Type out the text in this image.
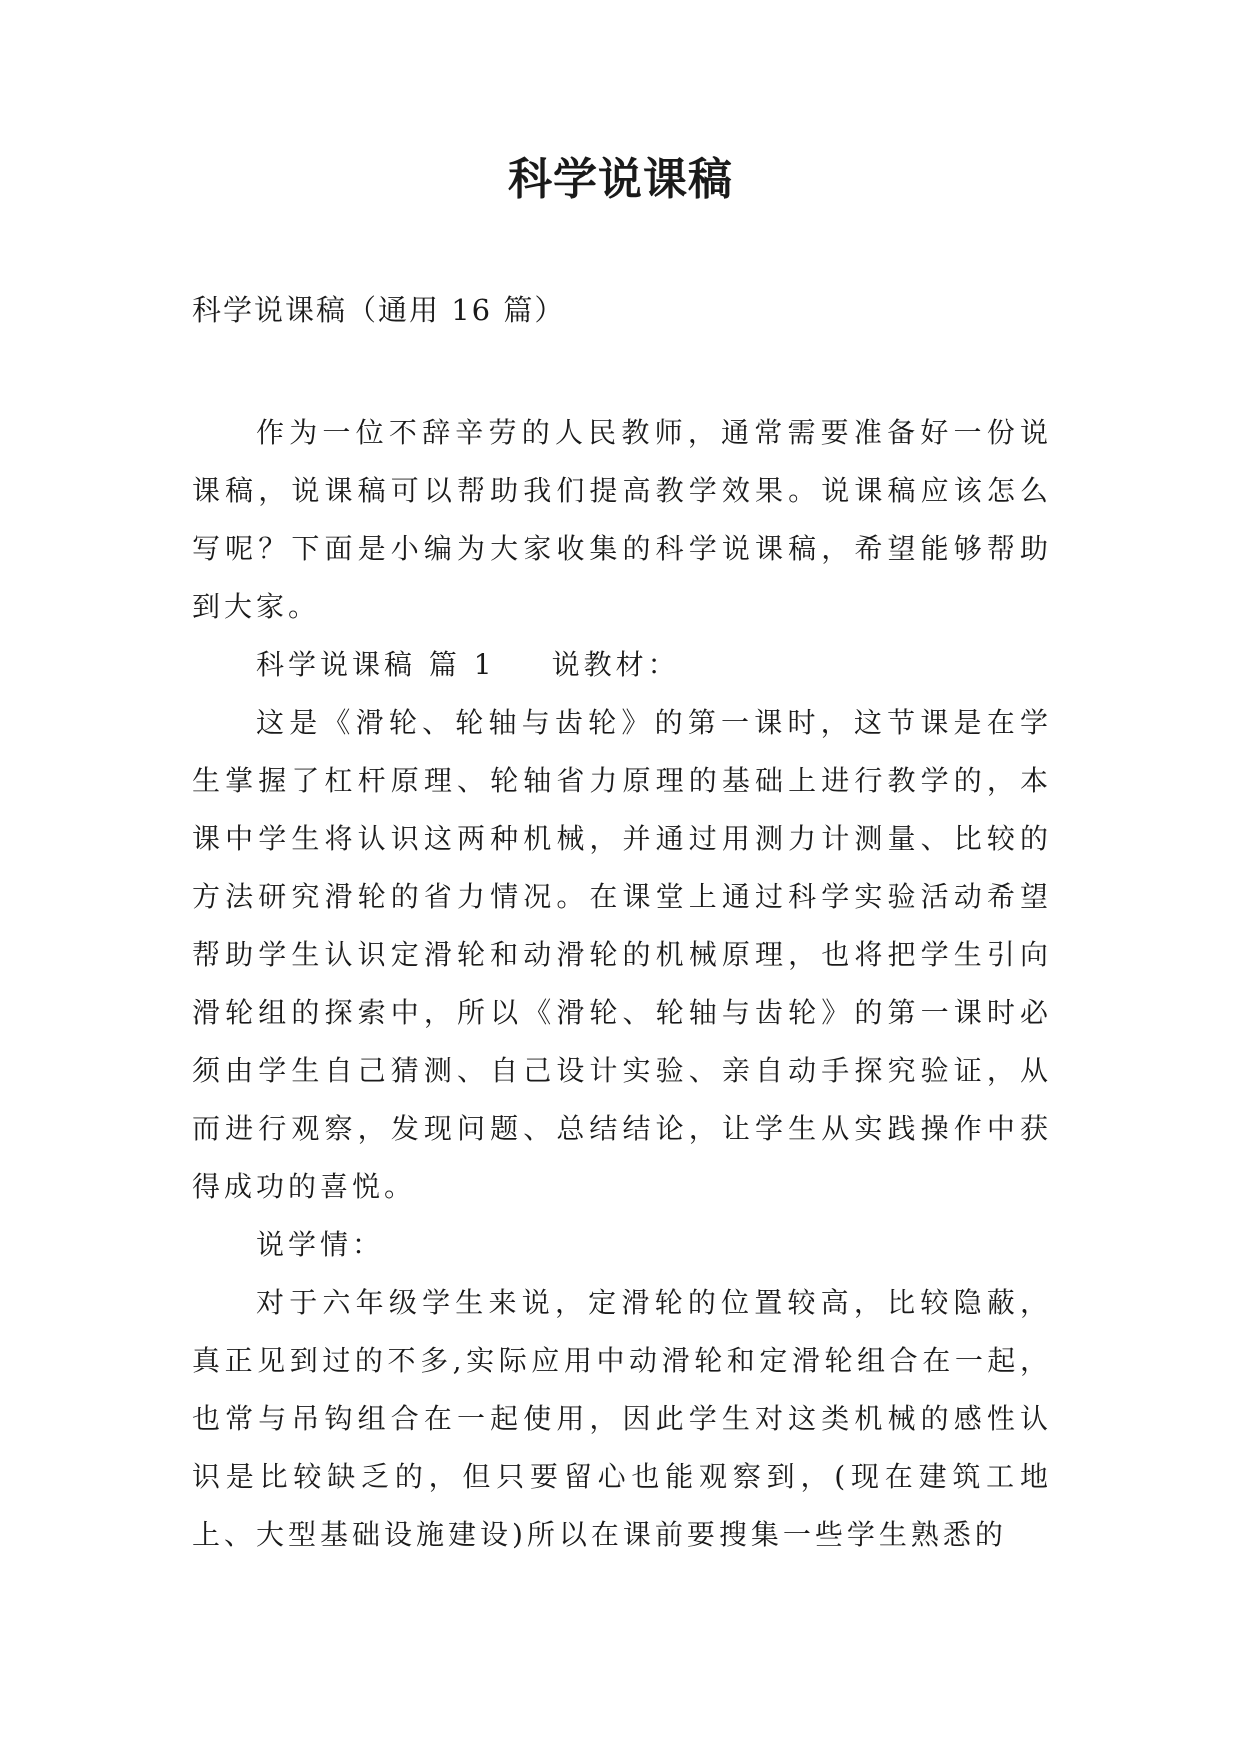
科学说课稿

科学说课稿（通用 16 篇）

作为一位不辞辛劳的人民教师，通常需要准备好一份说课稿，说课稿可以帮助我们提高教学效果。说课稿应该怎么写呢？下面是小编为大家收集的科学说课稿，希望能够帮助到大家。

科学说课稿 篇 1 说教材：

这是《滑轮、轮轴与齿轮》的第一课时，这节课是在学生掌握了杠杆原理、轮轴省力原理的基础上进行教学的，本课中学生将认识这两种机械，并通过用测力计测量、比较的方法研究滑轮的省力情况。在课堂上通过科学实验活动希望帮助学生认识定滑轮和动滑轮的机械原理，也将把学生引向滑轮组的探索中，所以《滑轮、轮轴与齿轮》的第一课时必须由学生自己猜测、自己设计实验、亲自动手探究验证，从而进行观察，发现问题、总结结论，让学生从实践操作中获得成功的喜悦。

说学情：

对于六年级学生来说，定滑轮的位置较高，比较隐蔽，真正见到过的不多,实际应用中动滑轮和定滑轮组合在一起，也常与吊钩组合在一起使用，因此学生对这类机械的感性认识是比较缺乏的，但只要留心也能观察到，(现在建筑工地上、大型基础设施建设)所以在课前要搜集一些学生熟悉的
